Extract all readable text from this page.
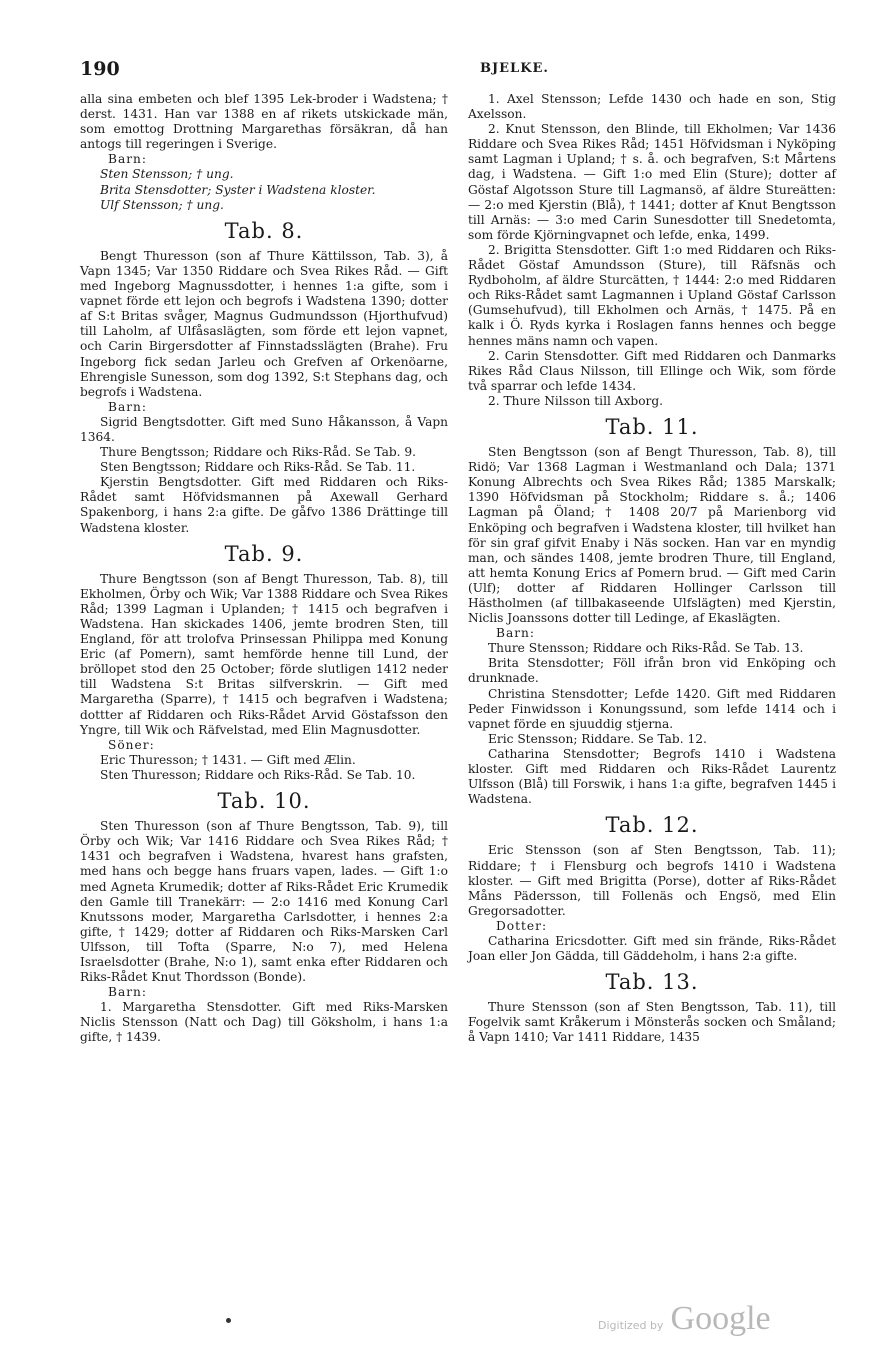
190	BJELKE.

alla sina embeten och blef 1395 Lek-broder i Wadstena; † derst. 1431. Han var 1388 en af rikets utskickade män, som emottog Drottning Margarethas försäkran, då han antogs till regeringen i Sverige.

Barn:

Sten Stensson; † ung.

Brita Stensdotter; Syster i Wadstena kloster.

Ulf Stensson; † ung.

Tab. 8.

Bengt Thuresson (son af Thure Kättilsson, Tab. 3), å Vapn 1345; Var 1350 Riddare och Svea Rikes Råd. — Gift med Ingeborg Magnussdotter, i hennes 1:a gifte, som i vapnet förde ett lejon och begrofs i Wadstena 1390; dotter af S:t Britas svåger, Magnus Gudmundsson (Hjorthufvud) till Laholm, af Ulfåsaslägten, som förde ett lejon vapnet, och Carin Birgersdotter af Finnstadsslägten (Brahe). Fru Ingeborg fick sedan Jarleu och Grefven af Orkenöarne, Ehrengisle Sunesson, som dog 1392, S:t Stephans dag, och begrofs i Wadstena.

Barn:

Sigrid Bengtsdotter. Gift med Suno Håkansson, å Vapn 1364.

Thure Bengtsson; Riddare och Riks-Råd. Se Tab. 9.

Sten Bengtsson; Riddare och Riks-Råd. Se Tab. 11.

Kjerstin Bengtsdotter. Gift med Riddaren och Riks-Rådet samt Höfvidsmannen på Axewall Gerhard Spakenborg, i hans 2:a gifte. De gåfvo 1386 Drättinge till Wadstena kloster.

Tab. 9.

Thure Bengtsson (son af Bengt Thuresson, Tab. 8), till Ekholmen, Örby och Wik; Var 1388 Riddare och Svea Rikes Råd; 1399 Lagman i Uplanden; † 1415 och begrafven i Wadstena. Han skickades 1406, jemte brodren Sten, till England, för att trolofva Prinsessan Philippa med Konung Eric (af Pomern), samt hemförde henne till Lund, der bröllopet stod den 25 October; förde slutligen 1412 neder till Wadstena S:t Britas silfverskrin. — Gift med Margaretha (Sparre), † 1415 och begrafven i Wadstena; dottter af Riddaren och Riks-Rådet Arvid Göstafsson den Yngre, till Wik och Räfvelstad, med Elin Magnusdotter.

Söner:

Eric Thuresson; † 1431. — Gift med Ælin.

Sten Thuresson; Riddare och Riks-Råd. Se Tab. 10.

Tab. 10.

Sten Thuresson (son af Thure Bengtsson, Tab. 9), till Örby och Wik; Var 1416 Riddare och Svea Rikes Råd; † 1431 och begrafven i Wadstena, hvarest hans grafsten, med hans och begge hans fruars vapen, lades. — Gift 1:o med Agneta Krumedik; dotter af Riks-Rådet Eric Krumedik den Gamle till Tranekärr: — 2:o 1416 med Konung Carl Knutssons moder, Margaretha Carlsdotter, i hennes 2:a gifte, † 1429; dotter af Riddaren och Riks-Marsken Carl Ulfsson, till Tofta (Sparre, N:o 7), med Helena Israelsdotter (Brahe, N:o 1), samt enka efter Riddaren och Riks-Rådet Knut Thordsson (Bonde).

Barn:

1. Margaretha Stensdotter. Gift med Riks-Marsken Niclis Stensson (Natt och Dag) till Göksholm, i hans 1:a gifte, † 1439.

1. Axel Stensson; Lefde 1430 och hade en son, Stig Axelsson.

2. Knut Stensson, den Blinde, till Ekholmen; Var 1436 Riddare och Svea Rikes Råd; 1451 Höfvidsman i Nyköping samt Lagman i Upland; † s. å. och begrafven, S:t Mårtens dag, i Wadstena. — Gift 1:o med Elin (Sture); dotter af Göstaf Algotsson Sture till Lagmansö, af äldre Stureätten: — 2:o med Kjerstin (Blå), † 1441; dotter af Knut Bengtsson till Arnäs: — 3:o med Carin Sunesdotter till Snedetomta, som förde Kjörningvapnet och lefde, enka, 1499.

2. Brigitta Stensdotter. Gift 1:o med Riddaren och Riks-Rådet Göstaf Amundsson (Sture), till Räfsnäs och Rydboholm, af äldre Sturcätten, † 1444: 2:o med Riddaren och Riks-Rådet samt Lagmannen i Upland Göstaf Carlsson (Gumsehufvud), till Ekholmen och Arnäs, † 1475. På en kalk i Ö. Ryds kyrka i Roslagen fanns hennes och begge hennes mäns namn och vapen.

2. Carin Stensdotter. Gift med Riddaren och Danmarks Rikes Råd Claus Nilsson, till Ellinge och Wik, som förde två sparrar och lefde 1434.

2. Thure Nilsson till Axborg.

Tab. 11.

Sten Bengtsson (son af Bengt Thuresson, Tab. 8), till Ridö; Var 1368 Lagman i Westmanland och Dala; 1371 Konung Albrechts och Svea Rikes Råd; 1385 Marskalk; 1390 Höfvidsman på Stockholm; Riddare s. å.; 1406 Lagman på Öland; † 1408 20/7 på Marienborg vid Enköping och begrafven i Wadstena kloster, till hvilket han för sin graf gifvit Enaby i Näs socken. Han var en myndig man, och sändes 1408, jemte brodren Thure, till England, att hemta Konung Erics af Pomern brud. — Gift med Carin (Ulf); dotter af Riddaren Hollinger Carlsson till Hästholmen (af tillbakaseende Ulfslägten) med Kjerstin, Niclis Joanssons dotter till Ledinge, af Ekaslägten.

Barn:

Thure Stensson; Riddare och Riks-Råd. Se Tab. 13.

Brita Stensdotter; Föll ifrån bron vid Enköping och drunknade.

Christina Stensdotter; Lefde 1420. Gift med Riddaren Peder Finwidsson i Konungssund, som lefde 1414 och i vapnet förde en sjuuddig stjerna.

Eric Stensson; Riddare. Se Tab. 12.

Catharina Stensdotter; Begrofs 1410 i Wadstena kloster. Gift med Riddaren och Riks-Rådet Laurentz Ulfsson (Blå) till Forswik, i hans 1:a gifte, begrafven 1445 i Wadstena.

Tab. 12.

Eric Stensson (son af Sten Bengtsson, Tab. 11); Riddare; † i Flensburg och begrofs 1410 i Wadstena kloster. — Gift med Brigitta (Porse), dotter af Riks-Rådet Måns Pädersson, till Follenäs och Engsö, med Elin Gregorsadotter.

Dotter:

Catharina Ericsdotter. Gift med sin frände, Riks-Rådet Joan eller Jon Gädda, till Gäddeholm, i hans 2:a gifte.

Tab. 13.

Thure Stensson (son af Sten Bengtsson, Tab. 11), till Fogelvik samt Kråkerum i Mönsterås socken och Småland; å Vapn 1410; Var 1411 Riddare, 1435

Digitized by Google
